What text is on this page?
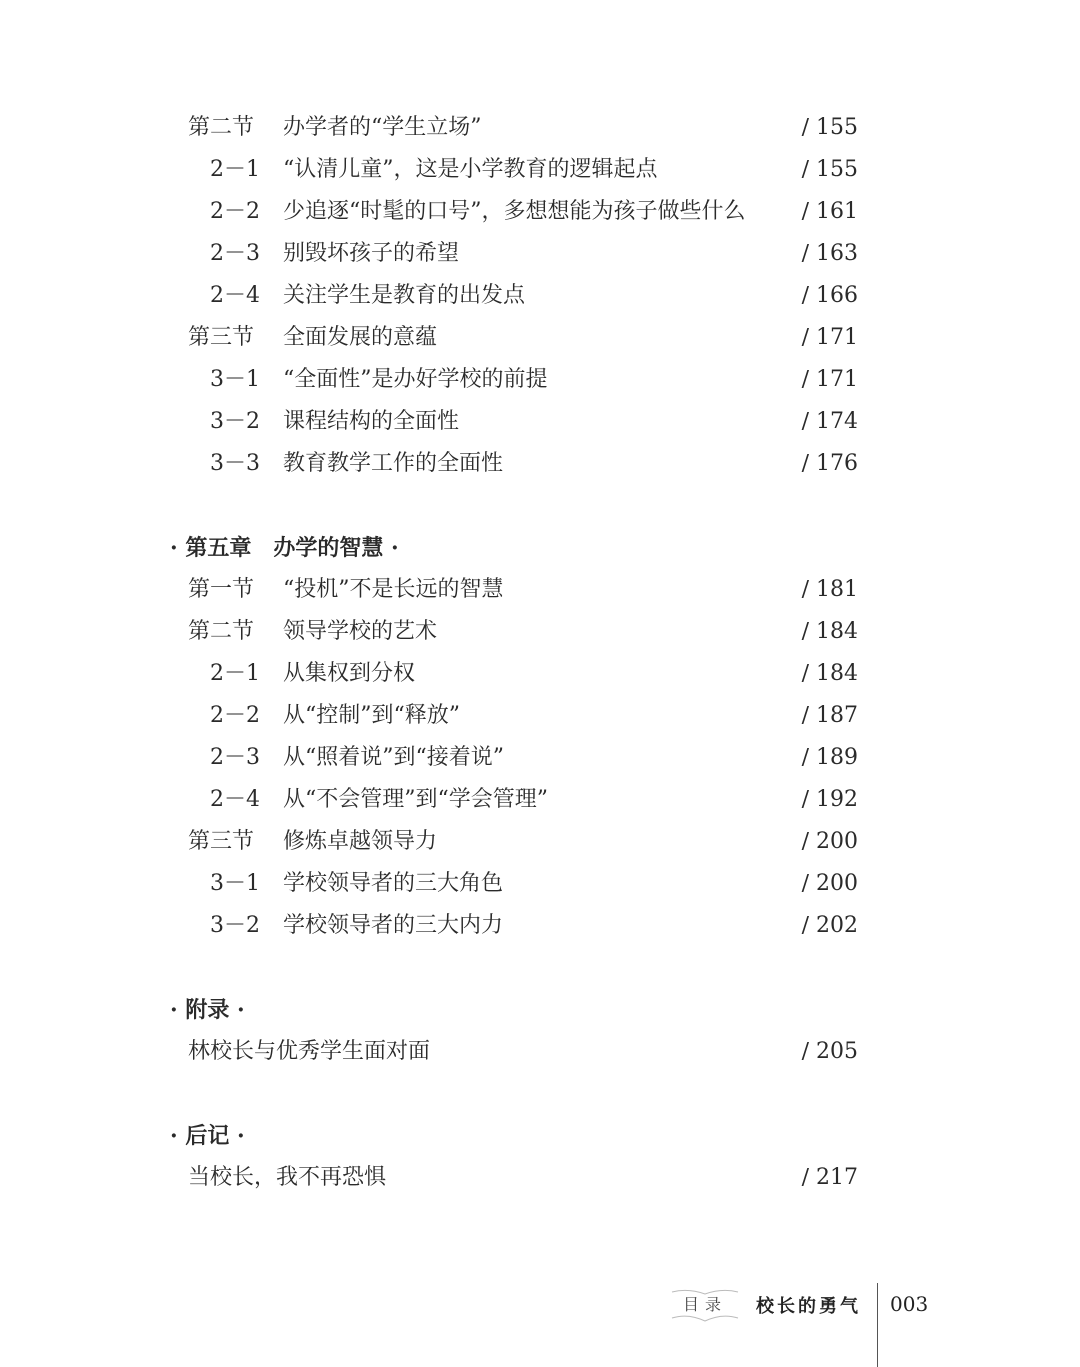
第二节 办学者的“学生立场”	∕ 155
2－1 “认清儿童”，这是小学教育的逻辑起点	∕ 155
2－2 少追逐“时髦的口号”，多想想能为孩子做些什么	∕ 161
2－3 别毁坏孩子的希望	∕ 163
2－4 关注学生是教育的出发点	∕ 166
第三节 全面发展的意蕴	∕ 171
3－1 “全面性”是办好学校的前提	∕ 171
3－2 课程结构的全面性	∕ 174
3－3 教育教学工作的全面性	∕ 176
· 第五章　办学的智慧 ·
第一节 “投机”不是长远的智慧	∕ 181
第二节 领导学校的艺术	∕ 184
2－1 从集权到分权	∕ 184
2－2 从“控制”到“释放”	∕ 187
2－3 从“照着说”到“接着说”	∕ 189
2－4 从“不会管理”到“学会管理”	∕ 192
第三节 修炼卓越领导力	∕ 200
3－1 学校领导者的三大角色	∕ 200
3－2 学校领导者的三大内力	∕ 202
· 附录 ·
林校长与优秀学生面对面	∕ 205
· 后记 ·
当校长，我不再恐惧	∕ 217
目录	校长的勇气 003
